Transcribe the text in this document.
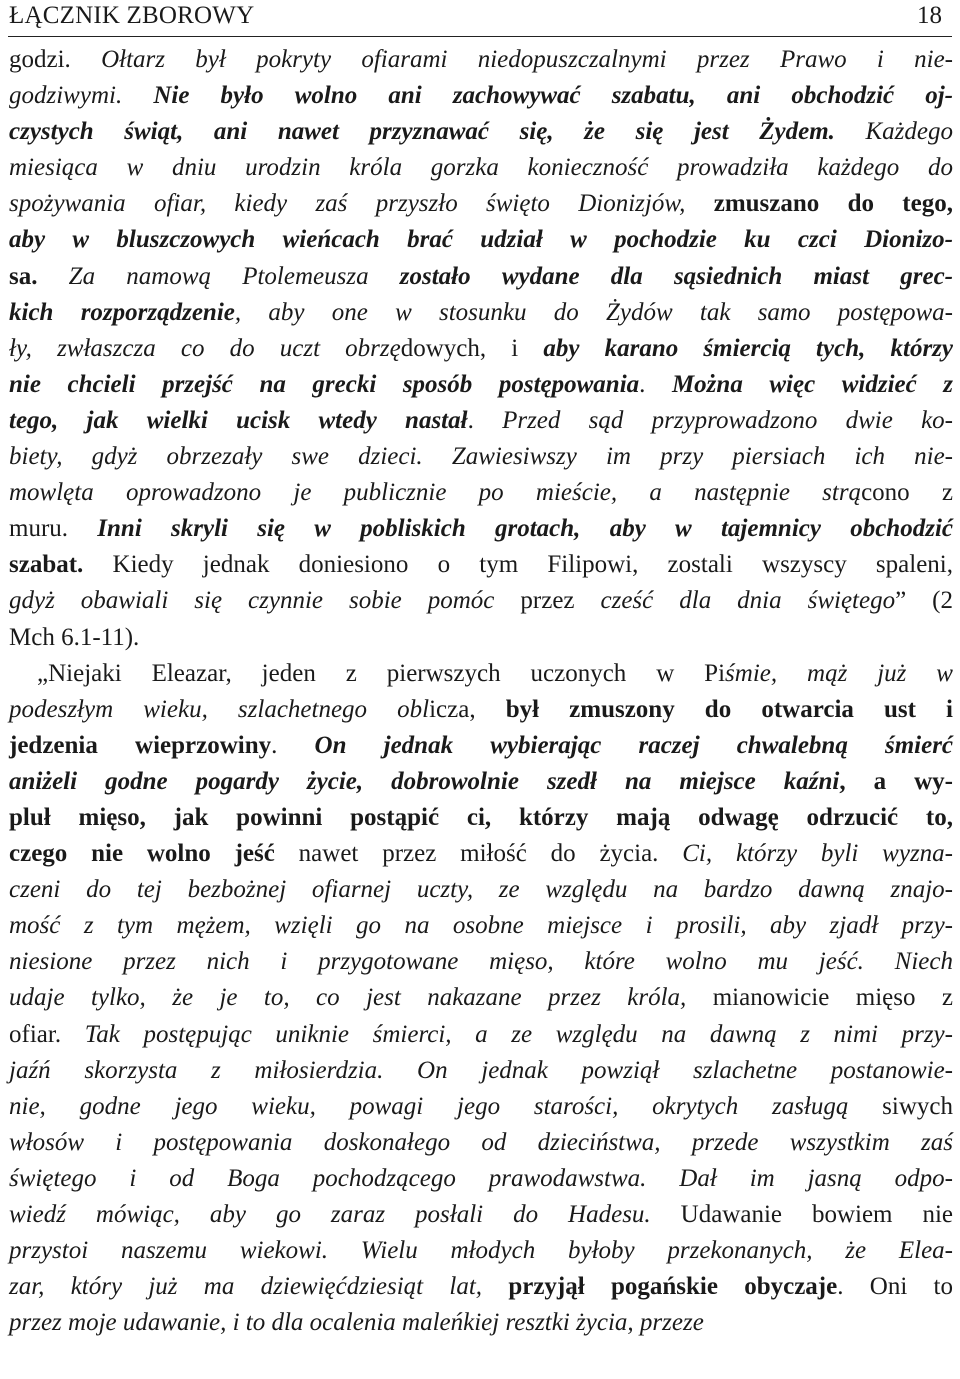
ŁĄCZNIK ZBOROWY	18
godzi. Ołtarz był pokryty ofiarami niedopuszczalnymi przez Prawo i nie-
godziwymi. Nie było wolno ani zachowywać szabatu, ani obchodzić oj-
czystych świąt, ani nawet przyznawać się, że się jest Żydem. Każdego
miesiąca w dniu urodzin króla gorzka konieczność prowadziła każdego do
spożywania ofiar, kiedy zaś przyszło święto Dionizjów, zmuszano do tego,
aby w bluszczowych wieńcach brać udział w pochodzie ku czci Dionizo-
sa. Za namową Ptolemeusza zostało wydane dla sąsiednich miast grec-
kich rozporządzenie, aby one w stosunku do Żydów tak samo postępowa-
ły, zwłaszcza co do uczt obrzędowych, i aby karano śmiercią tych, którzy
nie chcieli przejść na grecki sposób postępowania. Można więc widzieć z
tego, jak wielki ucisk wtedy nastał. Przed sąd przyprowadzono dwie ko-
biety, gdyż obrzezały swe dzieci. Zawiesiwszy im przy piersiach ich nie-
mowlęta oprowadzono je publicznie po mieście, a następnie strącono z
muru. Inni skryli się w pobliskich grotach, aby w tajemnicy obchodzić
szabat. Kiedy jednak doniesiono o tym Filipowi, zostali wszyscy spaleni,
gdyż obawiali się czynnie sobie pomóc przez cześć dla dnia świętego” (2
Mch 6.1-11).
„Niejaki Eleazar, jeden z pierwszych uczonych w Piśmie, mąż już w
podeszłym wieku, szlachetnego oblicza, był zmuszony do otwarcia ust i
jedzenia wieprzowiny. On jednak wybierając raczej chwalebną śmierć
aniżeli godne pogardy życie, dobrowolnie szedł na miejsce kaźni, a wy-
pluł mięso, jak powinni postąpić ci, którzy mają odwagę odrzucić to,
czego nie wolno jeść nawet przez miłość do życia. Ci, którzy byli wyzna-
czeni do tej bezbożnej ofiarnej uczty, ze względu na bardzo dawną znajo-
mość z tym mężem, wzięli go na osobne miejsce i prosili, aby zjadł przy-
niesione przez nich i przygotowane mięso, które wolno mu jeść. Niech
udaje tylko, że je to, co jest nakazane przez króla, mianowicie mięso z
ofiar. Tak postępując uniknie śmierci, a ze względu na dawną z nimi przy-
jaźń skorzysta z miłosierdzia. On jednak powziął szlachetne postanowie-
nie, godne jego wieku, powagi jego starości, okrytych zasługą siwych
włosów i postępowania doskonałego od dzieciństwa, przede wszystkim zaś
świętego i od Boga pochodzącego prawodawstwa. Dał im jasną odpo-
wiedź mówiąc, aby go zaraz posłali do Hadesu. Udawanie bowiem nie
przystoi naszemu wiekowi. Wielu młodych byłoby przekonanych, że Elea-
zar, który już ma dziewięćdziesiąt lat, przyjął pogańskie obyczaje. Oni to
przez moje udawanie, i to dla ocalenia maleńkiej resztki życia, przeze
